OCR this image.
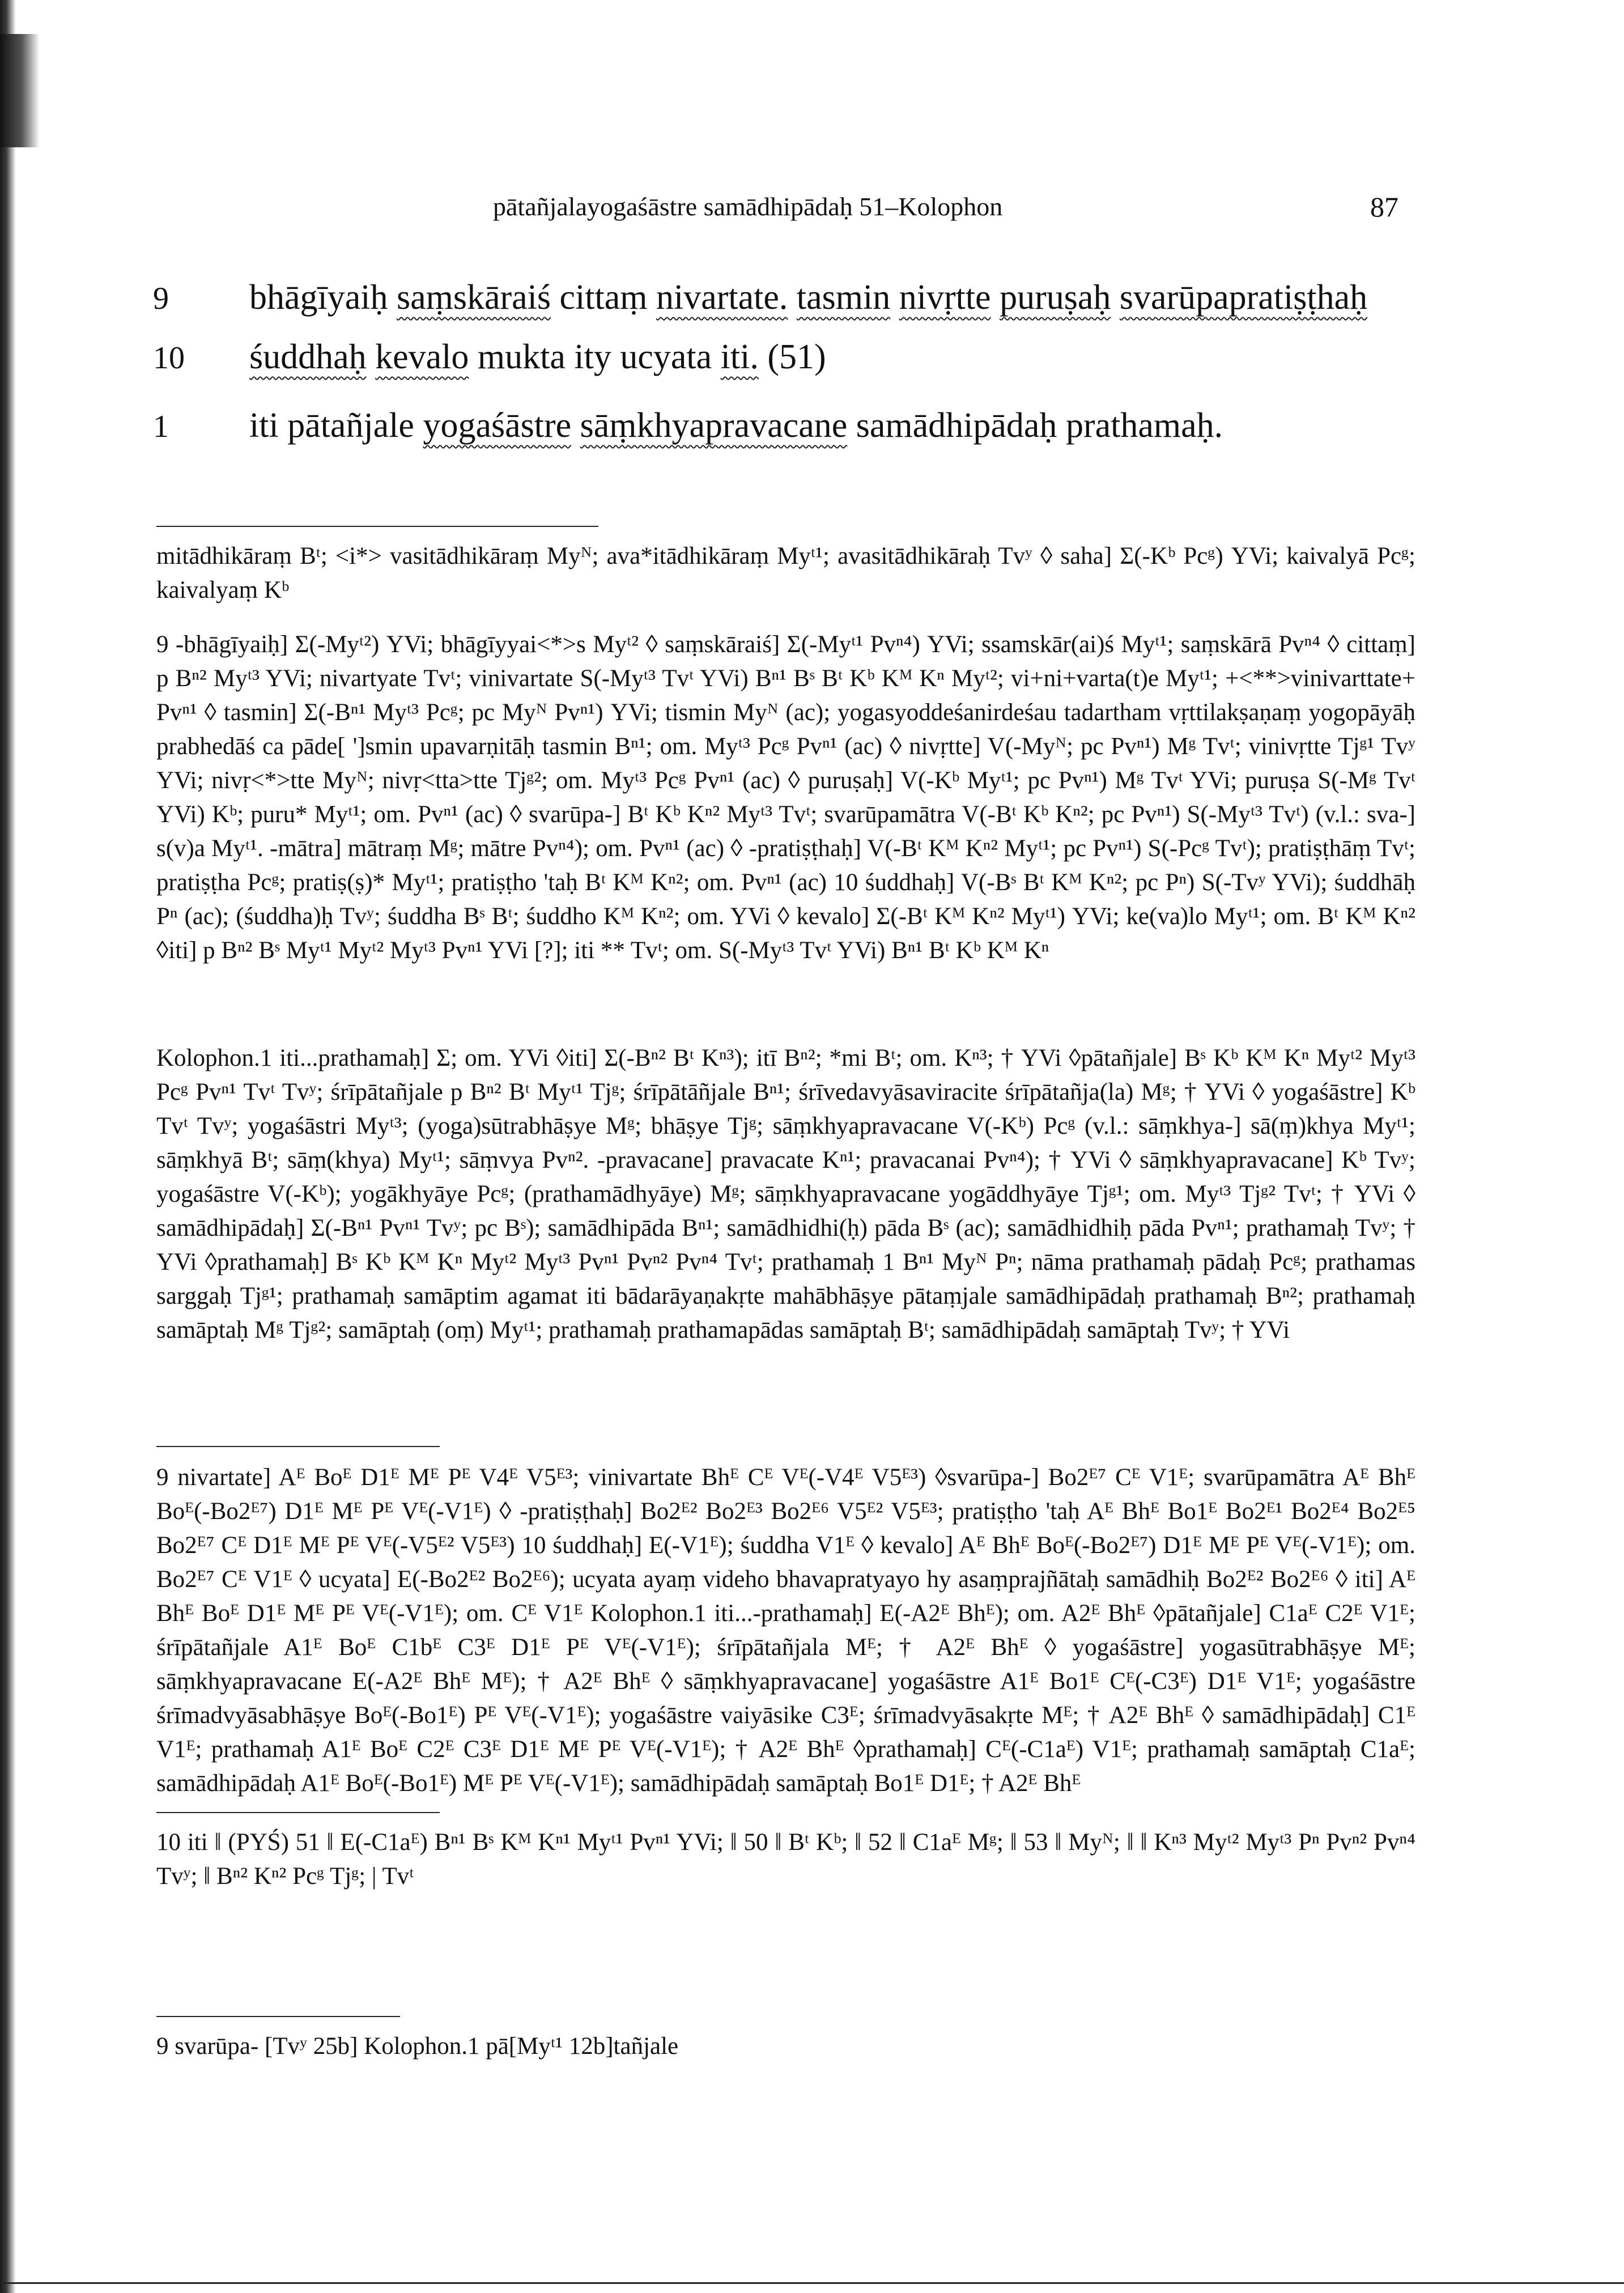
pātañjalayogaśāstre samādhipādaḥ 51–Kolophon	87
9	bhāgīyaiḥ saṃskāraiś cittaṃ nivartate. tasmin nivṛtte puruṣaḥ svarūpapratiṣṭhaḥ
10	śuddhaḥ kevalo mukta ity ucyata iti. (51)
1	iti pātañjale yogaśāstre sāṃkhyapravacane samādhipādaḥ prathamaḥ.

mitādhikāraṃ Bᵗ; <i*> vasitādhikāraṃ Myᴺ; ava*itādhikāraṃ Myᵗ¹; avasitādhikāraḥ Tvʸ ◊ saha] Σ(-Kᵇ Pcᵍ) YVi; kaivalyā Pcᵍ; kaivalyaṃ Kᵇ

9 -bhāgīyaiḥ] Σ(-Myᵗ²) YVi; bhāgīyyai<*>s Myᵗ² ◊ saṃskāraiś] Σ(-Myᵗ¹ Pvⁿ⁴) YVi; ssamskār(ai)ś Myᵗ¹; saṃskārā Pvⁿ⁴ ◊ cittaṃ] p Bⁿ² Myᵗ³ YVi; nivartyate Tvᵗ; vinivartate S(-Myᵗ³ Tvᵗ YVi) Bⁿ¹ Bˢ Bᵗ Kᵇ Kᴹ Kⁿ Myᵗ²; vi+ni+varta(t)e Myᵗ¹; +<**>vinivarttate+ Pvⁿ¹ ◊ tasmin] Σ(-Bⁿ¹ Myᵗ³ Pcᵍ; pc Myᴺ Pvⁿ¹) YVi; tismin Myᴺ (ac); yogasyoddeśanirdeśau tadartham vṛttilakṣaṇaṃ yogopāyāḥ prabhedāś ca pāde[ ']smin upavarṇitāḥ tasmin Bⁿ¹; om. Myᵗ³ Pcᵍ Pvⁿ¹ (ac) ◊ nivṛtte] V(-Myᴺ; pc Pvⁿ¹) Mᵍ Tvᵗ; vinivṛtte Tjᵍ¹ Tvʸ YVi; nivṛ<*>tte Myᴺ; nivṛ<tta>tte Tjᵍ²; om. Myᵗ³ Pcᵍ Pvⁿ¹ (ac) ◊ puruṣaḥ] V(-Kᵇ Myᵗ¹; pc Pvⁿ¹) Mᵍ Tvᵗ YVi; puruṣa S(-Mᵍ Tvᵗ YVi) Kᵇ; puru* Myᵗ¹; om. Pvⁿ¹ (ac) ◊ svarūpa-] Bᵗ Kᵇ Kⁿ² Myᵗ³ Tvᵗ; svarūpamātra V(-Bᵗ Kᵇ Kⁿ²; pc Pvⁿ¹) S(-Myᵗ³ Tvᵗ) (v.l.: sva-] s(v)a Myᵗ¹. -mātra] mātraṃ Mᵍ; mātre Pvⁿ⁴); om. Pvⁿ¹ (ac) ◊ -pratiṣṭhaḥ] V(-Bᵗ Kᴹ Kⁿ² Myᵗ¹; pc Pvⁿ¹) S(-Pcᵍ Tvᵗ); pratiṣṭhāṃ Tvᵗ; pratiṣṭha Pcᵍ; pratiṣ(ṣ)* Myᵗ¹; pratiṣṭho 'taḥ Bᵗ Kᴹ Kⁿ²; om. Pvⁿ¹ (ac) 10 śuddhaḥ] V(-Bˢ Bᵗ Kᴹ Kⁿ²; pc Pⁿ) S(-Tvʸ YVi); śuddhāḥ Pⁿ (ac); (śuddha)ḥ Tvʸ; śuddha Bˢ Bᵗ; śuddho Kᴹ Kⁿ²; om. YVi ◊ kevalo] Σ(-Bᵗ Kᴹ Kⁿ² Myᵗ¹) YVi; ke(va)lo Myᵗ¹; om. Bᵗ Kᴹ Kⁿ² ◊iti] p Bⁿ² Bˢ Myᵗ¹ Myᵗ² Myᵗ³ Pvⁿ¹ YVi [?]; iti ** Tvᵗ; om. S(-Myᵗ³ Tvᵗ YVi) Bⁿ¹ Bᵗ Kᵇ Kᴹ Kⁿ

Kolophon.1 iti...prathamaḥ] Σ; om. YVi ◊iti] Σ(-Bⁿ² Bᵗ Kⁿ³); itī Bⁿ²; *mi Bᵗ; om. Kⁿ³; † YVi ◊pātañjale] Bˢ Kᵇ Kᴹ Kⁿ Myᵗ² Myᵗ³ Pcᵍ Pvⁿ¹ Tvᵗ Tvʸ; śrīpātañjale p Bⁿ² Bᵗ Myᵗ¹ Tjᵍ; śrīpātāñjale Bⁿ¹; śrīvedavyāsaviracite śrīpātañja(la) Mᵍ; † YVi ◊ yogaśāstre] Kᵇ Tvᵗ Tvʸ; yogaśāstri Myᵗ³; (yoga)sūtrabhāṣye Mᵍ; bhāṣye Tjᵍ; sāṃkhyapravacane V(-Kᵇ) Pcᵍ (v.l.: sāṃkhya-] sā(ṃ)khya Myᵗ¹; sāṃkhyā Bᵗ; sāṃ(khya) Myᵗ¹; sāṃvya Pvⁿ². -pravacane] pravacate Kⁿ¹; pravacanai Pvⁿ⁴); † YVi ◊ sāṃkhyapravacane] Kᵇ Tvʸ; yogaśāstre V(-Kᵇ); yogākhyāye Pcᵍ; (prathamādhyāye) Mᵍ; sāṃkhyapravacane yogāddhyāye Tjᵍ¹; om. Myᵗ³ Tjᵍ² Tvᵗ; † YVi ◊ samādhipādaḥ] Σ(-Bⁿ¹ Pvⁿ¹ Tvʸ; pc Bˢ); samādhipāda Bⁿ¹; samādhidhi(ḥ) pāda Bˢ (ac); samādhidhiḥ pāda Pvⁿ¹; prathamaḥ Tvʸ; † YVi ◊prathamaḥ] Bˢ Kᵇ Kᴹ Kⁿ Myᵗ² Myᵗ³ Pvⁿ¹ Pvⁿ² Pvⁿ⁴ Tvᵗ; prathamaḥ 1 Bⁿ¹ Myᴺ Pⁿ; nāma prathamaḥ pādaḥ Pcᵍ; prathamas sarggaḥ Tjᵍ¹; prathamaḥ samāptim agamat iti bādarāyaṇakṛte mahābhāṣye pātaṃjale samādhipādaḥ prathamaḥ Bⁿ²; prathamaḥ samāptaḥ Mᵍ Tjᵍ²; samāptaḥ (oṃ) Myᵗ¹; prathamaḥ prathamapādas samāptaḥ Bᵗ; samādhipādaḥ samāptaḥ Tvʸ; † YVi

9 nivartate] Aᴱ Boᴱ D1ᴱ Mᴱ Pᴱ V4ᴱ V5ᴱ³; vinivartate Bhᴱ Cᴱ Vᴱ(-V4ᴱ V5ᴱ³) ◊svarūpa-] Bo2ᴱ⁷ Cᴱ V1ᴱ; svarūpamātra Aᴱ Bhᴱ Boᴱ(-Bo2ᴱ⁷) D1ᴱ Mᴱ Pᴱ Vᴱ(-V1ᴱ) ◊ -pratiṣṭhaḥ] Bo2ᴱ² Bo2ᴱ³ Bo2ᴱ⁶ V5ᴱ² V5ᴱ³; pratiṣṭho 'taḥ Aᴱ Bhᴱ Bo1ᴱ Bo2ᴱ¹ Bo2ᴱ⁴ Bo2ᴱ⁵ Bo2ᴱ⁷ Cᴱ D1ᴱ Mᴱ Pᴱ Vᴱ(-V5ᴱ² V5ᴱ³) 10 śuddhaḥ] E(-V1ᴱ); śuddha V1ᴱ ◊ kevalo] Aᴱ Bhᴱ Boᴱ(-Bo2ᴱ⁷) D1ᴱ Mᴱ Pᴱ Vᴱ(-V1ᴱ); om. Bo2ᴱ⁷ Cᴱ V1ᴱ ◊ ucyata] E(-Bo2ᴱ² Bo2ᴱ⁶); ucyata ayaṃ videho bhavapratyayo hy asaṃprajñātaḥ samādhiḥ Bo2ᴱ² Bo2ᴱ⁶ ◊ iti] Aᴱ Bhᴱ Boᴱ D1ᴱ Mᴱ Pᴱ Vᴱ(-V1ᴱ); om. Cᴱ V1ᴱ Kolophon.1 iti...-prathamaḥ] E(-A2ᴱ Bhᴱ); om. A2ᴱ Bhᴱ ◊pātañjale] C1aᴱ C2ᴱ V1ᴱ; śrīpātañjale A1ᴱ Boᴱ C1bᴱ C3ᴱ D1ᴱ Pᴱ Vᴱ(-V1ᴱ); śrīpātañjala Mᴱ; † A2ᴱ Bhᴱ ◊ yogaśāstre] yogasūtrabhāṣye Mᴱ; sāṃkhyapravacane E(-A2ᴱ Bhᴱ Mᴱ); † A2ᴱ Bhᴱ ◊ sāṃkhyapravacane] yogaśāstre A1ᴱ Bo1ᴱ Cᴱ(-C3ᴱ) D1ᴱ V1ᴱ; yogaśāstre śrīmadvyāsabhāṣye Boᴱ(-Bo1ᴱ) Pᴱ Vᴱ(-V1ᴱ); yogaśāstre vaiyāsike C3ᴱ; śrīmadvyāsakṛte Mᴱ; † A2ᴱ Bhᴱ ◊ samādhipādaḥ] C1ᴱ V1ᴱ; prathamaḥ A1ᴱ Boᴱ C2ᴱ C3ᴱ D1ᴱ Mᴱ Pᴱ Vᴱ(-V1ᴱ); † A2ᴱ Bhᴱ ◊prathamaḥ] Cᴱ(-C1aᴱ) V1ᴱ; prathamaḥ samāptaḥ C1aᴱ; samādhipādaḥ A1ᴱ Boᴱ(-Bo1ᴱ) Mᴱ Pᴱ Vᴱ(-V1ᴱ); samādhipādaḥ samāptaḥ Bo1ᴱ D1ᴱ; † A2ᴱ Bhᴱ

10 iti ‖ (PYŚ) 51 ‖ E(-C1aᴱ) Bⁿ¹ Bˢ Kᴹ Kⁿ¹ Myᵗ¹ Pvⁿ¹ YVi; ‖ 50 ‖ Bᵗ Kᵇ; ‖ 52 ‖ C1aᴱ Mᵍ; ‖ 53 ‖ Myᴺ; ‖ ‖ Kⁿ³ Myᵗ² Myᵗ³ Pⁿ Pvⁿ² Pvⁿ⁴ Tvʸ; ‖ Bⁿ² Kⁿ² Pcᵍ Tjᵍ; | Tvᵗ

9 svarūpa- [Tvʸ 25b] Kolophon.1 pā[Myᵗ¹ 12b]tañjale
